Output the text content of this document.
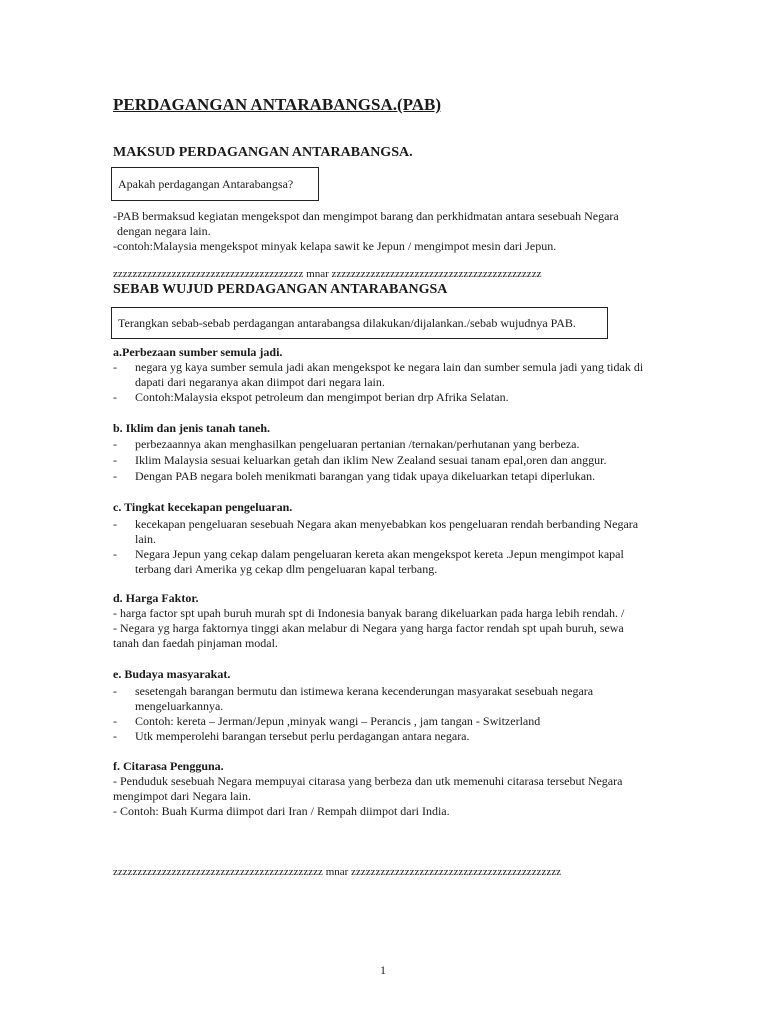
PERDAGANGAN ANTARABANGSA.(PAB)
MAKSUD PERDAGANGAN ANTARABANGSA.
Apakah perdagangan Antarabangsa?
-PAB bermaksud kegiatan mengekspot dan mengimpot barang dan perkhidmatan antara sesebuah Negara
dengan negara lain.
-contoh:Malaysia mengekspot minyak kelapa sawit ke Jepun / mengimpot mesin dari Jepun.
zzzzzzzzzzzzzzzzzzzzzzzzzzzzzzzzzzzzzzz mnar zzzzzzzzzzzzzzzzzzzzzzzzzzzzzzzzzzzzzzzzzzz
SEBAB WUJUD PERDAGANGAN ANTARABANGSA
Terangkan sebab-sebab perdagangan antarabangsa dilakukan/dijalankan./sebab wujudnya PAB.
a.Perbezaan sumber semula jadi.
- negara yg kaya sumber semula jadi akan mengekspot ke negara lain dan sumber semula jadi yang tidak di dapati dari negaranya akan diimpot dari negara lain.
- Contoh:Malaysia ekspot petroleum dan mengimpot berian drp Afrika Selatan.
b. Iklim dan jenis tanah taneh.
- perbezaannya akan menghasilkan pengeluaran pertanian /ternakan/perhutanan yang berbeza.
- Iklim Malaysia sesuai keluarkan getah dan iklim New Zealand sesuai tanam epal,oren dan anggur.
- Dengan PAB negara boleh menikmati barangan yang tidak upaya dikeluarkan tetapi diperlukan.
c. Tingkat kecekapan pengeluaran.
- kecekapan pengeluaran sesebuah Negara akan menyebabkan kos pengeluaran rendah berbanding Negara lain.
- Negara Jepun yang cekap dalam pengeluaran kereta akan mengekspot kereta .Jepun mengimpot kapal terbang dari Amerika yg cekap dlm pengeluaran kapal terbang.
d. Harga Faktor.
- harga factor spt upah buruh murah spt di Indonesia banyak barang dikeluarkan pada harga lebih rendah. /
- Negara yg harga faktornya tinggi akan melabur di Negara yang harga factor rendah spt upah buruh, sewa
tanah dan faedah pinjaman modal.
e. Budaya masyarakat.
- sesetengah barangan bermutu dan istimewa kerana kecenderungan masyarakat sesebuah negara mengeluarkannya.
- Contoh: kereta – Jerman/Jepun ,minyak wangi – Perancis , jam tangan - Switzerland
- Utk memperolehi barangan tersebut perlu perdagangan antara negara.
f. Citarasa Pengguna.
- Penduduk sesebuah Negara mempuyai citarasa yang berbeza dan utk memenuhi citarasa tersebut Negara
mengimpot dari Negara lain.
- Contoh: Buah Kurma diimpot dari Iran / Rempah diimpot dari India.
zzzzzzzzzzzzzzzzzzzzzzzzzzzzzzzzzzzzzzzzzzz mnar zzzzzzzzzzzzzzzzzzzzzzzzzzzzzzzzzzzzzzzzzzz
1
